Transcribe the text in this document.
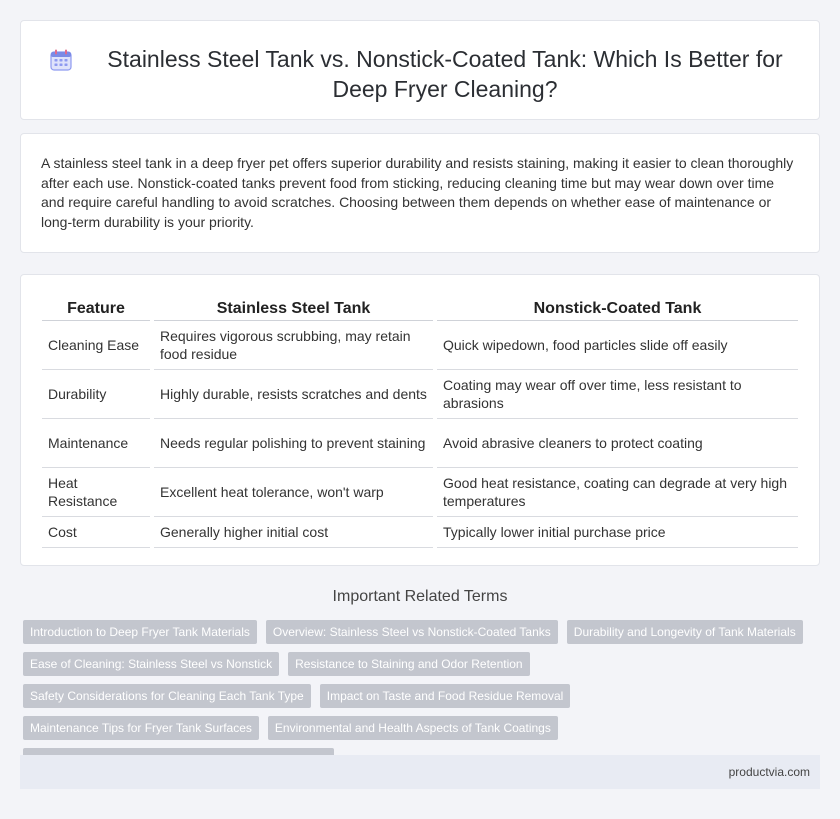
Stainless Steel Tank vs. Nonstick-Coated Tank: Which Is Better for Deep Fryer Cleaning?

A stainless steel tank in a deep fryer pet offers superior durability and resists staining, making it easier to clean thoroughly after each use. Nonstick-coated tanks prevent food from sticking, reducing cleaning time but may wear down over time and require careful handling to avoid scratches. Choosing between them depends on whether ease of maintenance or long-term durability is your priority.

Feature	Stainless Steel Tank	Nonstick-Coated Tank
Cleaning Ease	Requires vigorous scrubbing, may retain food residue	Quick wipedown, food particles slide off easily
Durability	Highly durable, resists scratches and dents	Coating may wear off over time, less resistant to abrasions
Maintenance	Needs regular polishing to prevent staining	Avoid abrasive cleaners to protect coating
Heat Resistance	Excellent heat tolerance, won't warp	Good heat resistance, coating can degrade at very high temperatures
Cost	Generally higher initial cost	Typically lower initial purchase price
Important Related Terms
Introduction to Deep Fryer Tank Materials	Overview: Stainless Steel vs Nonstick-Coated Tanks	Durability and Longevity of Tank Materials
Ease of Cleaning: Stainless Steel vs Nonstick	Resistance to Staining and Odor Retention
Safety Considerations for Cleaning Each Tank Type	Impact on Taste and Food Residue Removal
Maintenance Tips for Fryer Tank Surfaces	Environmental and Health Aspects of Tank Coatings
productvia.com
